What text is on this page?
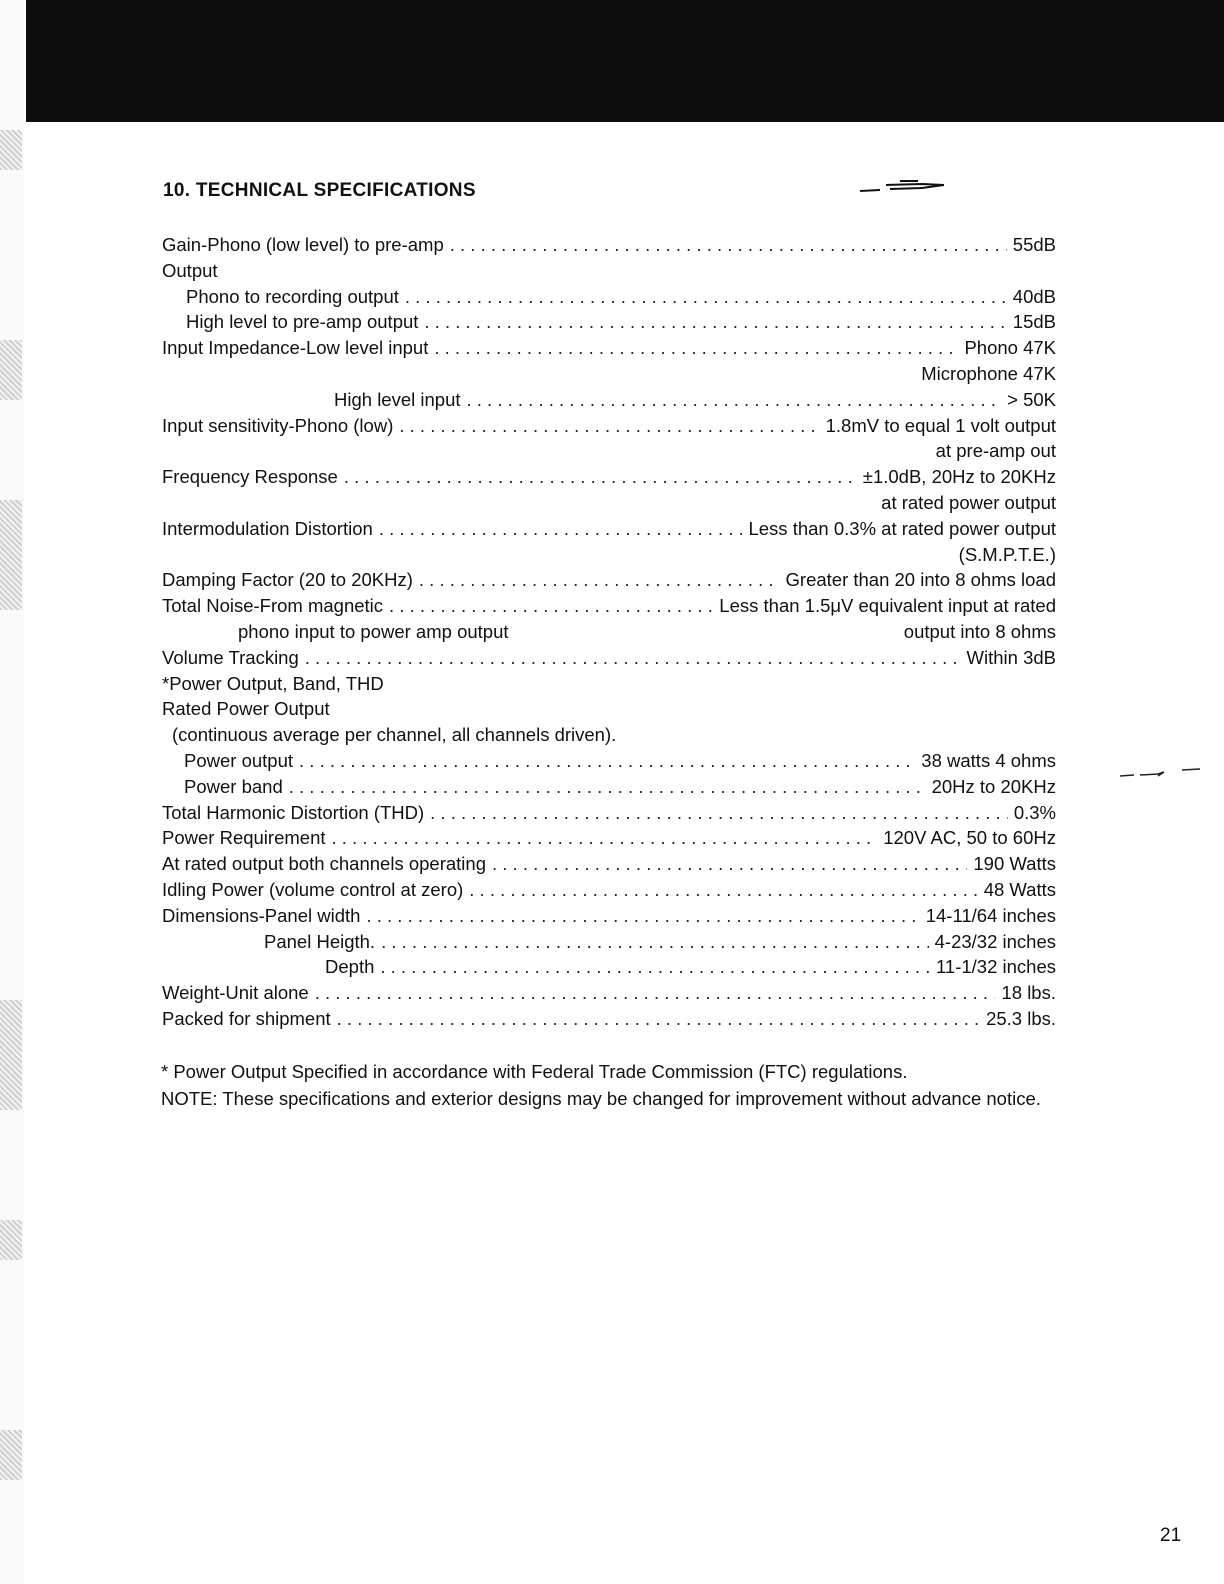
10. TECHNICAL SPECIFICATIONS
Gain-Phono (low level) to pre-amp . . .	55dB
Output
Phono to recording output . . .	40dB
High level to pre-amp output . . .	15dB
Input Impedance-Low level input . . .	Phono 47K
Microphone 47K
High level input . . .	> 50K
Input sensitivity-Phono (low) . . .	1.8mV to equal 1 volt output
at pre-amp out
Frequency Response . . .	±1.0dB, 20Hz to 20KHz
at rated power output
Intermodulation Distortion . . .	Less than 0.3% at rated power output
(S.M.P.T.E.)
Damping Factor (20 to 20KHz) . . .	Greater than 20 into 8 ohms load
Total Noise-From magnetic . . .	Less than 1.5μV equivalent input at rated
phono input to power amp output	output into 8 ohms
Volume Tracking . . .	Within 3dB
*Power Output, Band, THD
Rated Power Output
(continuous average per channel, all channels driven).
Power output . . .	38 watts 4 ohms
Power band . . .	20Hz to 20KHz
Total Harmonic Distortion (THD) . . .	0.3%
Power Requirement . . .	120V AC, 50 to 60Hz
At rated output both channels operating . . .	190 Watts
Idling Power (volume control at zero) . . .	48 Watts
Dimensions-Panel width . . .	14-11/64 inches
Panel Heigth. . . .	4-23/32 inches
Depth . . .	11-1/32 inches
Weight-Unit alone . . .	18 lbs.
Packed for shipment . . .	25.3 lbs.

* Power Output Specified in accordance with Federal Trade Commission (FTC) regulations.

NOTE: These specifications and exterior designs may be changed for improvement without advance notice.

21
